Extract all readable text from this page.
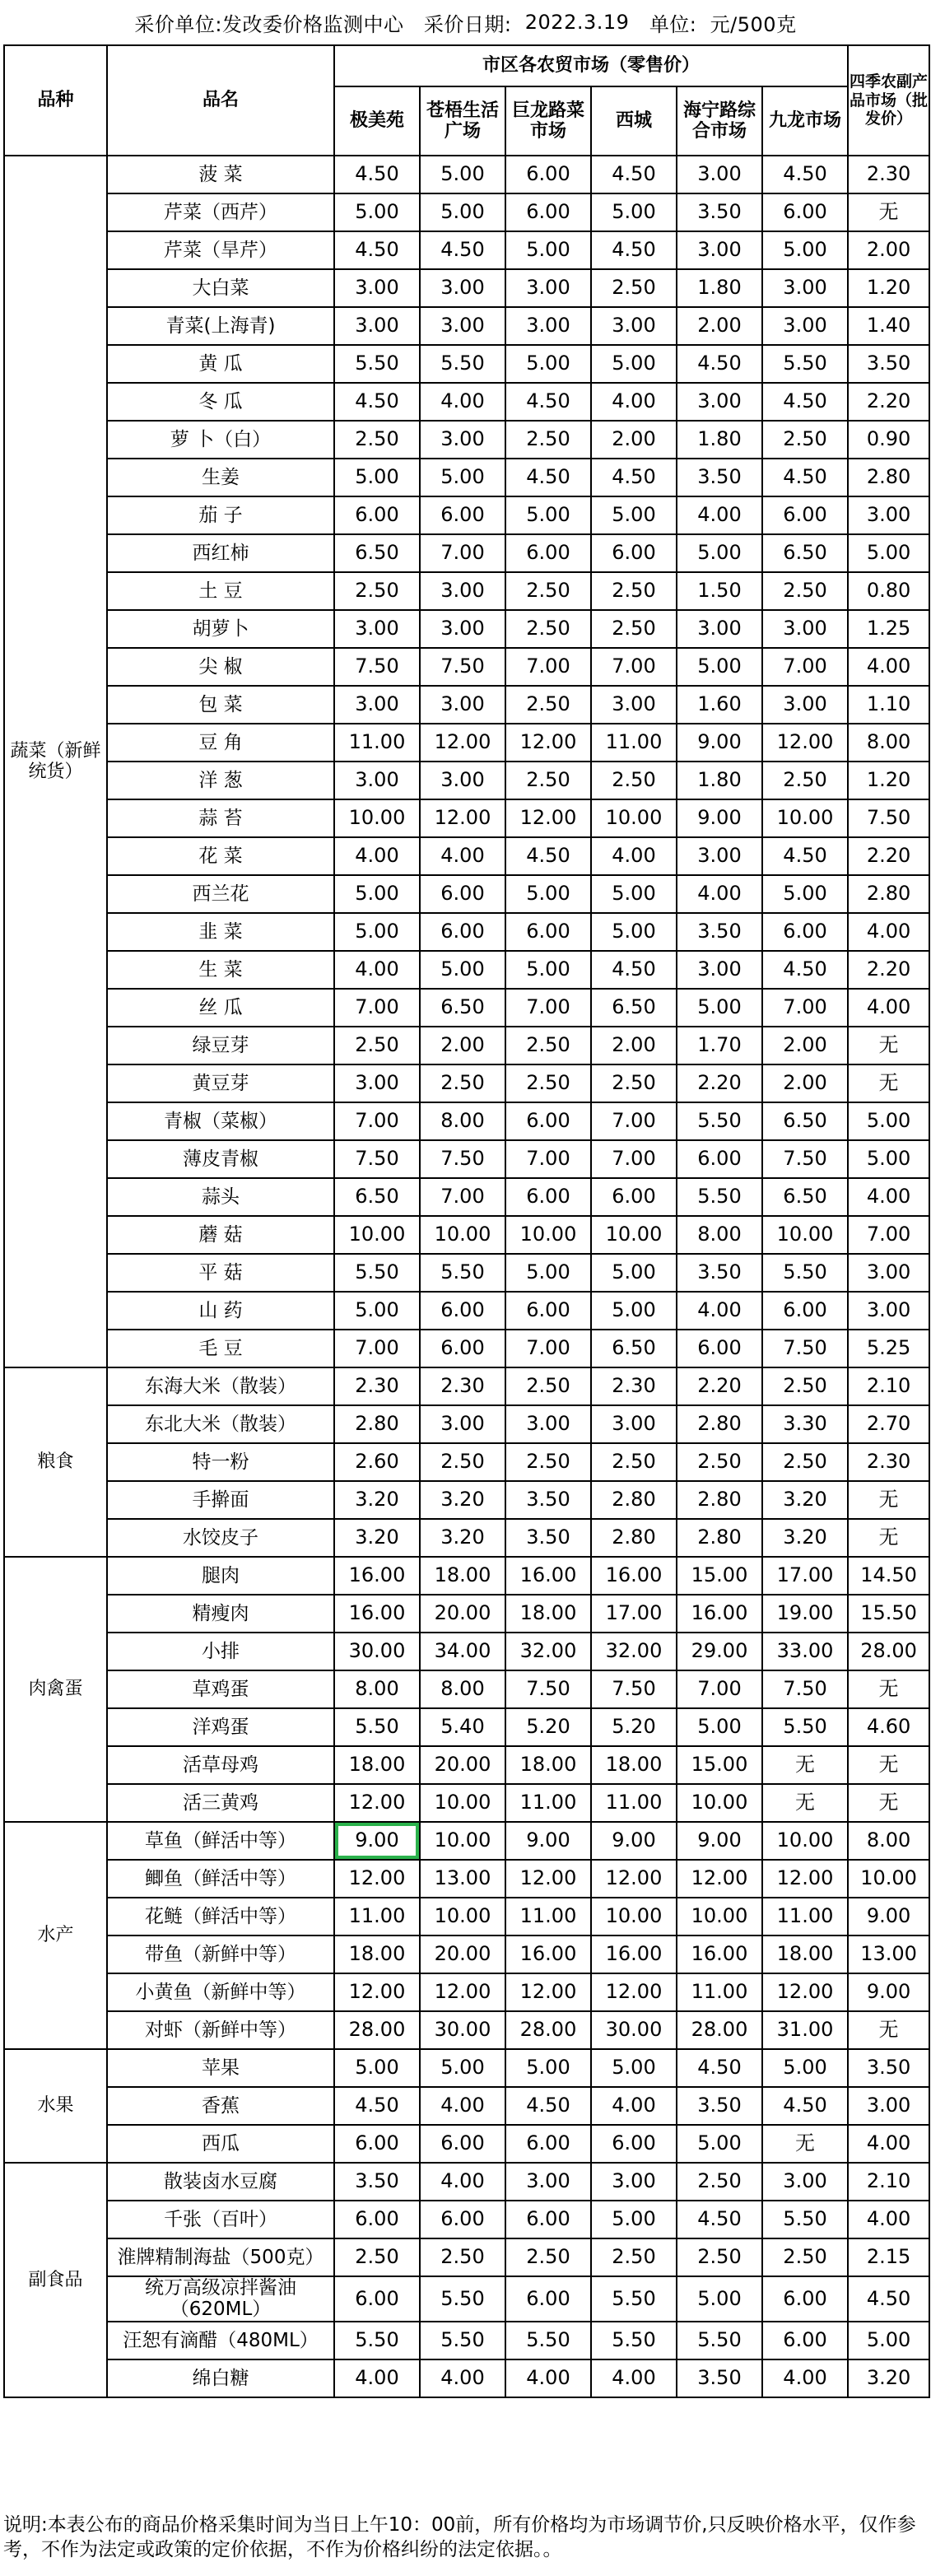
采价单位: 发改委价格监测中心
采价日期:
2022.3.19
单位:
元/500克
品种	品名	市区各农贸市场（零售价）						四季农副产品市场（批发价）
		极美苑	苍梧生活广场	巨龙路菜市场	西城	海宁路综合市场	九龙市场	
蔬菜（新鲜统货）	菠 菜	4.50	5.00	6.00	4.50	3.00	4.50	2.30
	芹菜（西芹）	5.00	5.00	6.00	5.00	3.50	6.00	无
	芹菜（旱芹）	4.50	4.50	5.00	4.50	3.00	5.00	2.00
	大白菜	3.00	3.00	3.00	2.50	1.80	3.00	1.20
	青菜(上海青)	3.00	3.00	3.00	3.00	2.00	3.00	1.40
	黄 瓜	5.50	5.50	5.00	5.00	4.50	5.50	3.50
	冬 瓜	4.50	4.00	4.50	4.00	3.00	4.50	2.20
	萝 卜（白）	2.50	3.00	2.50	2.00	1.80	2.50	0.90
	生姜	5.00	5.00	4.50	4.50	3.50	4.50	2.80
	茄 子	6.00	6.00	5.00	5.00	4.00	6.00	3.00
	西红柿	6.50	7.00	6.00	6.00	5.00	6.50	5.00
	土 豆	2.50	3.00	2.50	2.50	1.50	2.50	0.80
	胡萝卜	3.00	3.00	2.50	2.50	3.00	3.00	1.25
	尖 椒	7.50	7.50	7.00	7.00	5.00	7.00	4.00
	包 菜	3.00	3.00	2.50	3.00	1.60	3.00	1.10
	豆 角	11.00	12.00	12.00	11.00	9.00	12.00	8.00
	洋 葱	3.00	3.00	2.50	2.50	1.80	2.50	1.20
	蒜 苔	10.00	12.00	12.00	10.00	9.00	10.00	7.50
	花 菜	4.00	4.00	4.50	4.00	3.00	4.50	2.20
	西兰花	5.00	6.00	5.00	5.00	4.00	5.00	2.80
	韭 菜	5.00	6.00	6.00	5.00	3.50	6.00	4.00
	生 菜	4.00	5.00	5.00	4.50	3.00	4.50	2.20
	丝 瓜	7.00	6.50	7.00	6.50	5.00	7.00	4.00
	绿豆芽	2.50	2.00	2.50	2.00	1.70	2.00	无
	黄豆芽	3.00	2.50	2.50	2.50	2.20	2.00	无
	青椒（菜椒）	7.00	8.00	6.00	7.00	5.50	6.50	5.00
	薄皮青椒	7.50	7.50	7.00	7.00	6.00	7.50	5.00
	蒜头	6.50	7.00	6.00	6.00	5.50	6.50	4.00
	蘑 菇	10.00	10.00	10.00	10.00	8.00	10.00	7.00
	平 菇	5.50	5.50	5.00	5.00	3.50	5.50	3.00
	山 药	5.00	6.00	6.00	5.00	4.00	6.00	3.00
	毛 豆	7.00	6.00	7.00	6.50	6.00	7.50	5.25
粮食	东海大米（散装）	2.30	2.30	2.50	2.30	2.20	2.50	2.10
	东北大米（散装）	2.80	3.00	3.00	3.00	2.80	3.30	2.70
	特一粉	2.60	2.50	2.50	2.50	2.50	2.50	2.30
	手擀面	3.20	3.20	3.50	2.80	2.80	3.20	无
	水饺皮子	3.20	3.20	3.50	2.80	2.80	3.20	无
肉禽蛋	腿肉	16.00	18.00	16.00	16.00	15.00	17.00	14.50
	精瘦肉	16.00	20.00	18.00	17.00	16.00	19.00	15.50
	小排	30.00	34.00	32.00	32.00	29.00	33.00	28.00
	草鸡蛋	8.00	8.00	7.50	7.50	7.00	7.50	无
	洋鸡蛋	5.50	5.40	5.20	5.20	5.00	5.50	4.60
	活草母鸡	18.00	20.00	18.00	18.00	15.00	无	无
	活三黄鸡	12.00	10.00	11.00	11.00	10.00	无	无
水产	草鱼（鲜活中等）	9.00	10.00	9.00	9.00	9.00	10.00	8.00
	鲫鱼（鲜活中等）	12.00	13.00	12.00	12.00	12.00	12.00	10.00
	花鲢（鲜活中等）	11.00	10.00	11.00	10.00	10.00	11.00	9.00
	带鱼（新鲜中等）	18.00	20.00	16.00	16.00	16.00	18.00	13.00
	小黄鱼（新鲜中等）	12.00	12.00	12.00	12.00	11.00	12.00	9.00
	对虾（新鲜中等）	28.00	30.00	28.00	30.00	28.00	31.00	无
水果	苹果	5.00	5.00	5.00	5.00	4.50	5.00	3.50
	香蕉	4.50	4.00	4.50	4.00	3.50	4.50	3.00
	西瓜	6.00	6.00	6.00	6.00	5.00	无	4.00
副食品	散装卤水豆腐	3.50	4.00	3.00	3.00	2.50	3.00	2.10
	千张（百叶）	6.00	6.00	6.00	5.00	4.50	5.50	4.00
	淮牌精制海盐（500克）	2.50	2.50	2.50	2.50	2.50	2.50	2.15
	统万高级凉拌酱油（620ML）	6.00	5.50	6.00	5.50	5.00	6.00	4.50
	汪恕有滴醋（480ML）	5.50	5.50	5.50	5.50	5.50	6.00	5.00
	绵白糖	4.00	4.00	4.00	4.00	3.50	4.00	3.20
说明:本表公布的商品价格采集时间为当日上午10：00前，所有价格均为市场调节价,只反映价格水平，仅作参考，不作为法定或政策的定价依据，不作为价格纠纷的法定依据。。
